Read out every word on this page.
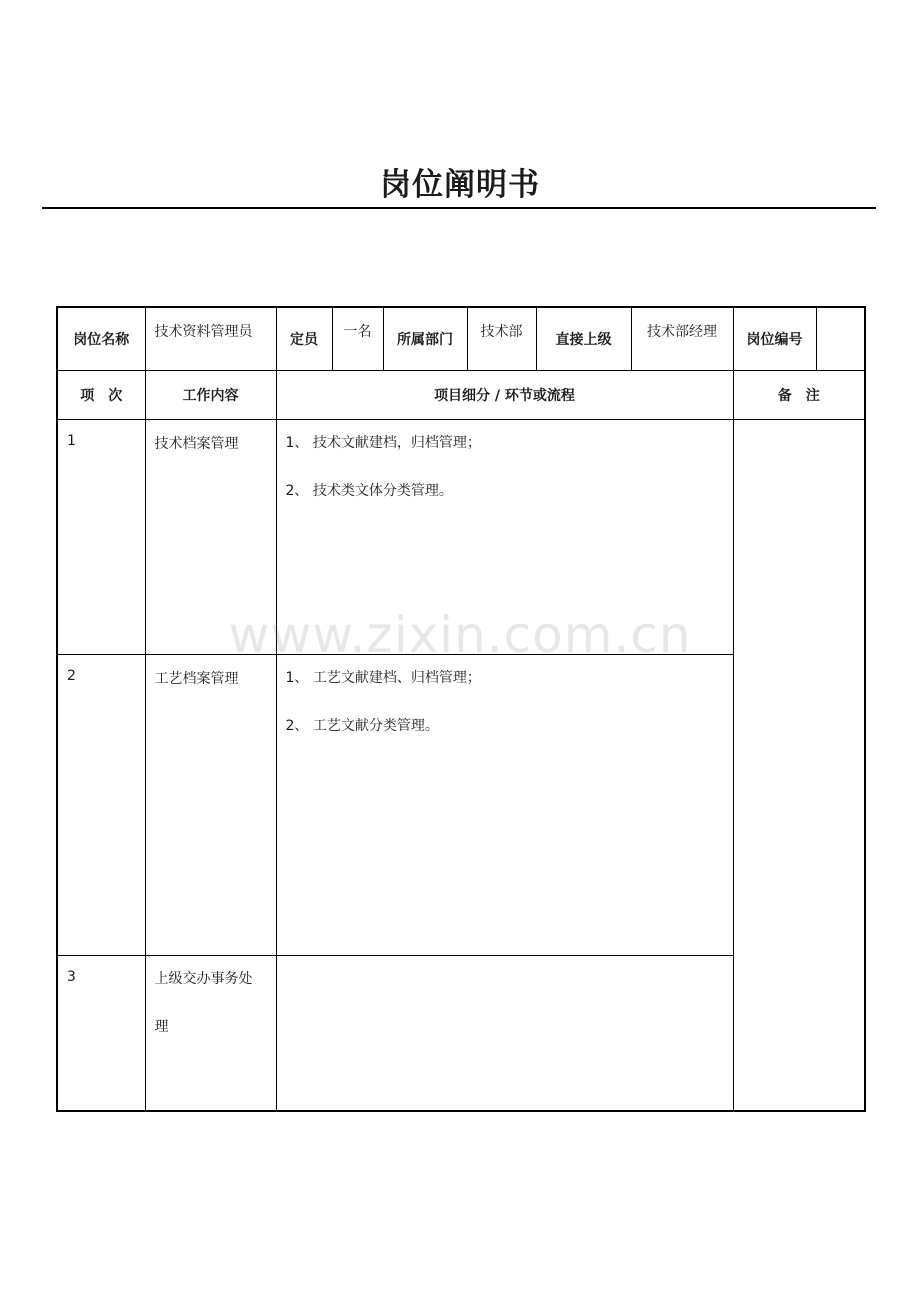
岗位阐明书
岗位名称	技术资料管理员	定员	一名	所属部门	技术部	直接上级	技术部经理	岗位编号	
项　次	工作内容	项目细分 / 环节或流程						备　注	
1	技术档案管理	1、 技术文献建档，归档管理；
2、 技术类文体分类管理。							

2	工艺档案管理	1、 工艺文献建档、归档管理；
2、 工艺文献分类管理。							

3	上级交办事务处
理								

www.zixin.com.cn
